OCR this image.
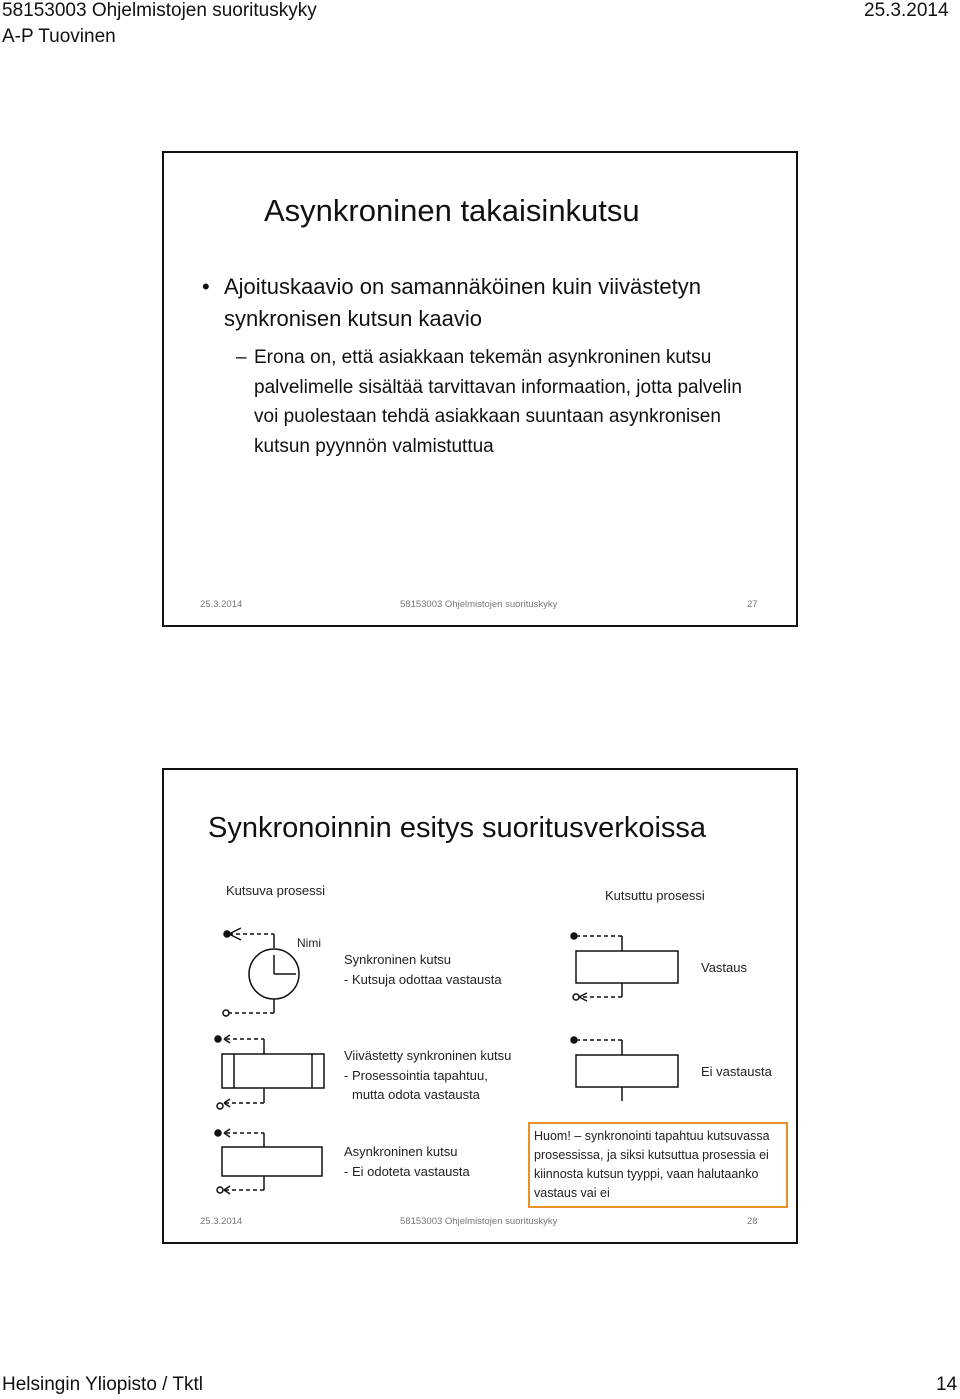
58153003 Ohjelmistojen suorituskyky	25.3.2014
A-P Tuovinen
Asynkroninen takaisinkutsu
• Ajoituskaavio on samannäköinen kuin viivästetyn synkronisen kutsun kaavio
– Erona on, että asiakkaan tekemän asynkroninen kutsu palvelimelle sisältää tarvittavan informaation, jotta palvelin voi puolestaan tehdä asiakkaan suuntaan asynkronisen kutsun pyynnön valmistuttua
25.3.2014	58153003 Ohjelmistojen suorituskyky	27
Synkronoinnin esitys suoritusverkoissa
Kutsuva prosessi	Kutsuttu prosessi
Nimi
Synkroninen kutsu
- Kutsuja odottaa vastausta
Vastaus
Viivästetty synkroninen kutsu
- Prosessointia tapahtuu,
mutta odota vastausta
Ei vastausta
Asynkroninen kutsu
- Ei odoteta vastausta
Huom! – synkronointi tapahtuu kutsuvassa prosessissa, ja siksi kutsuttua prosessia ei kiinnosta kutsun tyyppi, vaan halutaanko vastaus vai ei
25.3.2014	58153003 Ohjelmistojen suorituskyky	28
Helsingin Yliopisto / Tktl	14
